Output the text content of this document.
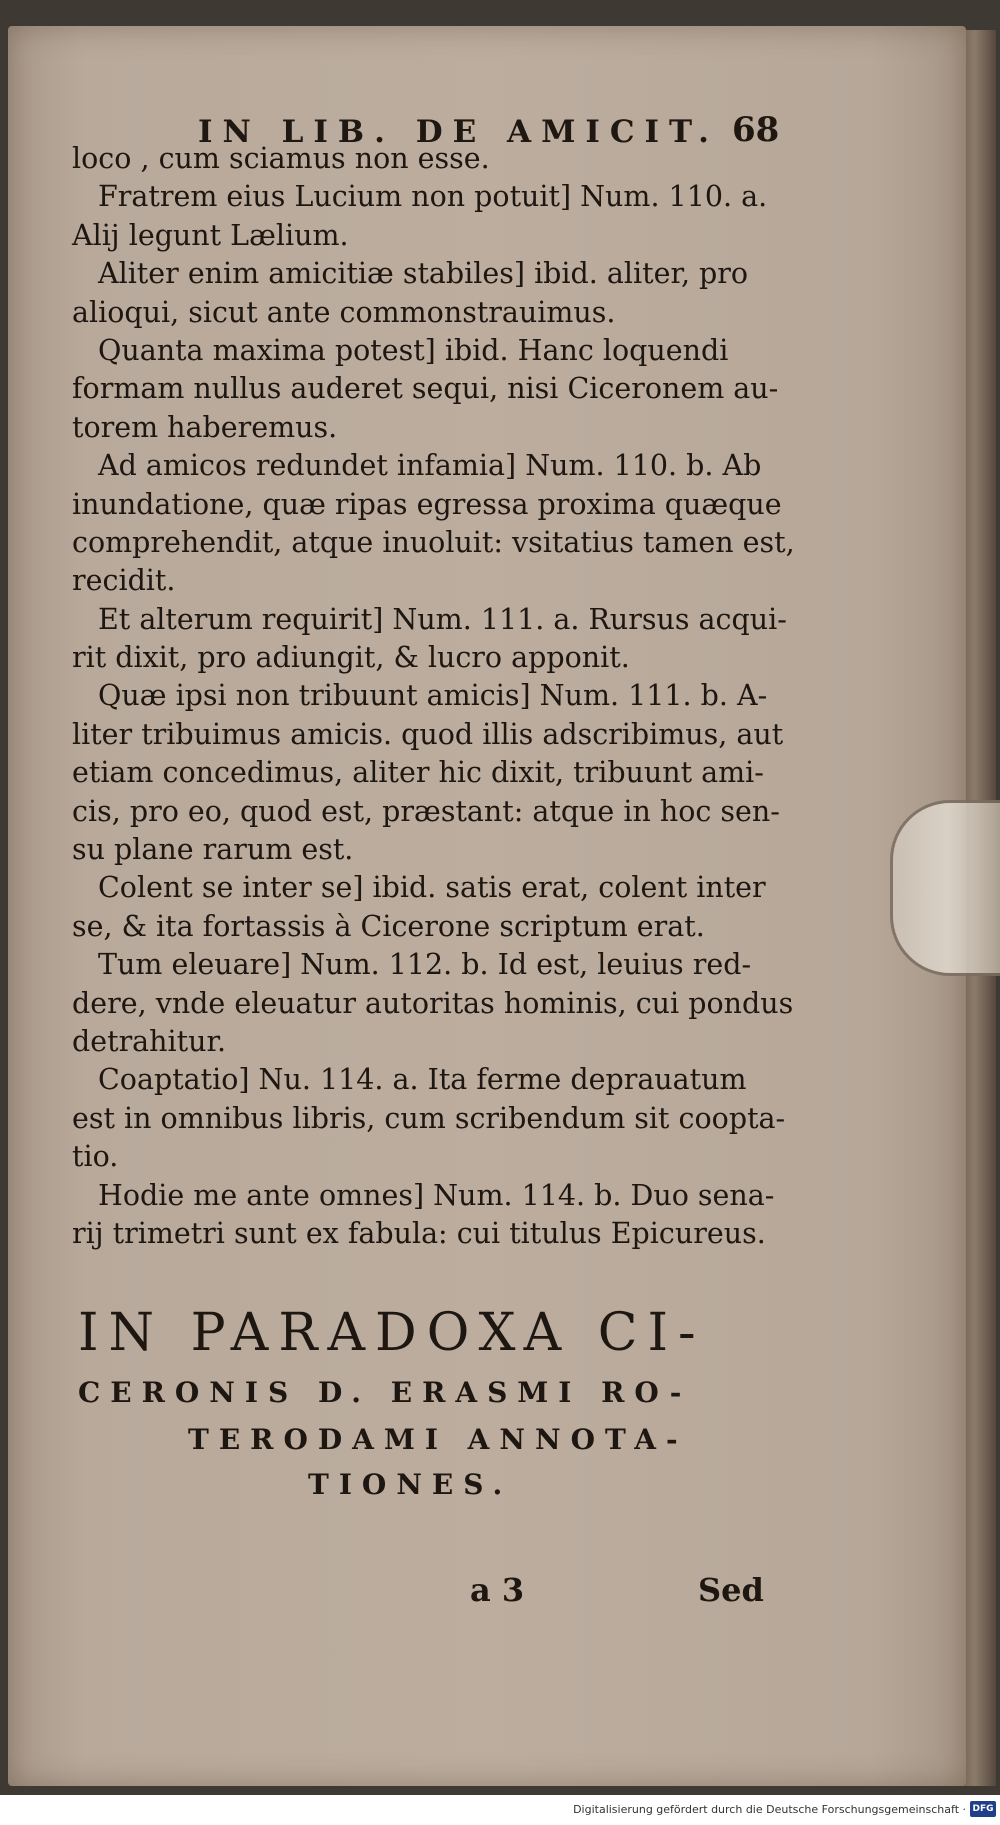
IN LIB. DE AMICIT. 68
loco , cum sciamus non esse.
Fratrem eius Lucium non potuit] Num. 110. a.
Alij legunt Lælium.
Aliter enim amicitiæ stabiles] ibid. aliter, pro
alioqui, sicut ante commonstrauimus.
Quanta maxima potest] ibid. Hanc loquendi
formam nullus auderet sequi, nisi Ciceronem au-
torem haberemus.
Ad amicos redundet infamia] Num. 110. b. Ab
inundatione, quæ ripas egressa proxima quæque
comprehendit, atque inuoluit: vsitatius tamen est,
recidit.
Et alterum requirit] Num. 111. a. Rursus acqui-
rit dixit, pro adiungit, & lucro apponit.
Quæ ipsi non tribuunt amicis] Num. 111. b. A-
liter tribuimus amicis. quod illis adscribimus, aut
etiam concedimus, aliter hic dixit, tribuunt ami-
cis, pro eo, quod est, præstant: atque in hoc sen-
su plane rarum est.
Colent se inter se] ibid. satis erat, colent inter
se, & ita fortassis à Cicerone scriptum erat.
Tum eleuare] Num. 112. b. Id est, leuius red-
dere, vnde eleuatur autoritas hominis, cui pondus
detrahitur.
Coaptatio] Nu. 114. a. Ita ferme deprauatum
est in omnibus libris, cum scribendum sit coopta-
tio.
Hodie me ante omnes] Num. 114. b. Duo sena-
rij trimetri sunt ex fabula: cui titulus Epicureus.
IN PARADOXA CI-
CERONIS D. ERASMI RO-
TERODAMI ANNOTA-
TIONES.
a 3	Sed
Digitalisierung gefördert durch die Deutsche Forschungsgemeinschaft · DFG
